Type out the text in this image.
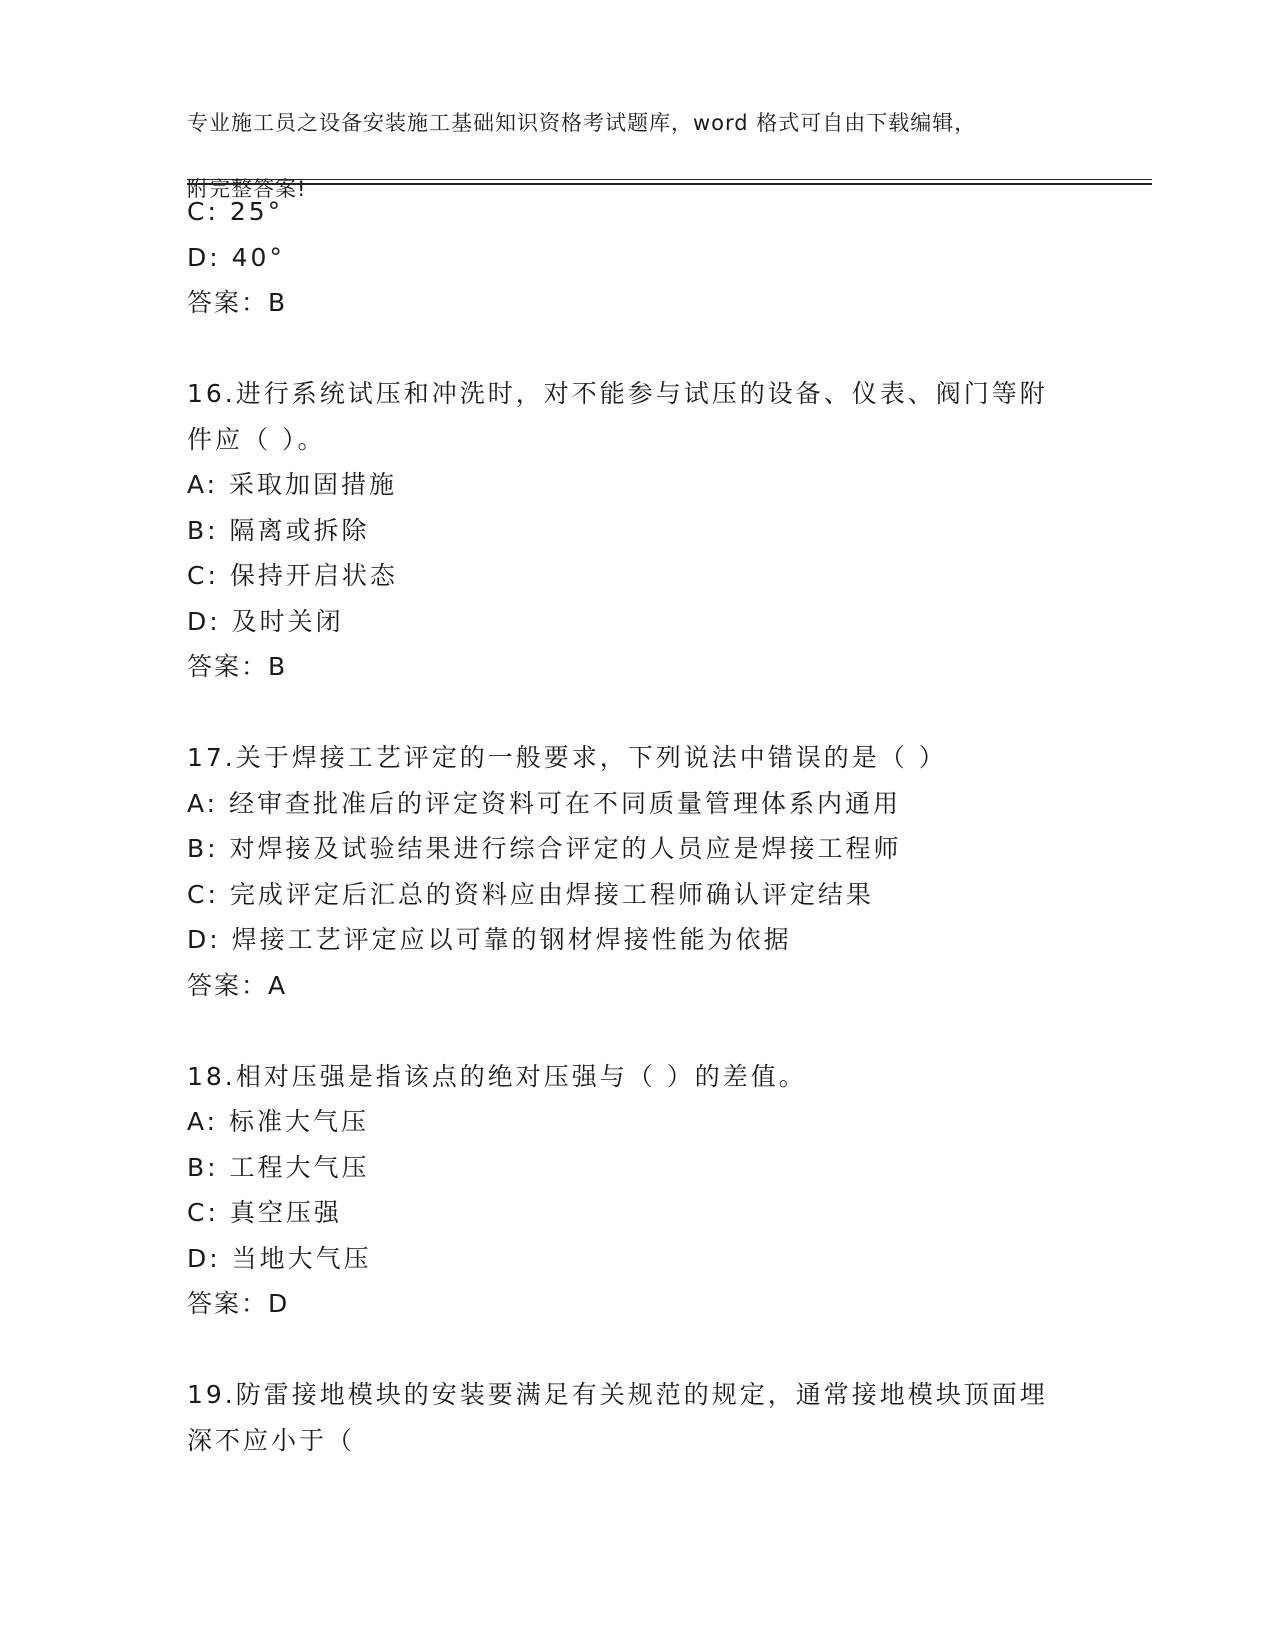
专业施工员之设备安装施工基础知识资格考试题库，word 格式可自由下载编辑，

附完整答案!

C: 25°
D: 40°
答案：B
16.进行系统试压和冲洗时，对不能参与试压的设备、仪表、阀门等附
件应（ ）。
A: 采取加固措施
B: 隔离或拆除
C: 保持开启状态
D: 及时关闭
答案：B
17.关于焊接工艺评定的一般要求，下列说法中错误的是（ ）
A: 经审查批准后的评定资料可在不同质量管理体系内通用
B: 对焊接及试验结果进行综合评定的人员应是焊接工程师
C: 完成评定后汇总的资料应由焊接工程师确认评定结果
D: 焊接工艺评定应以可靠的钢材焊接性能为依据
答案：A
18.相对压强是指该点的绝对压强与（ ）的差值。
A: 标准大气压
B: 工程大气压
C: 真空压强
D: 当地大气压
答案：D
19.防雷接地模块的安装要满足有关规范的规定，通常接地模块顶面埋
深不应小于（
